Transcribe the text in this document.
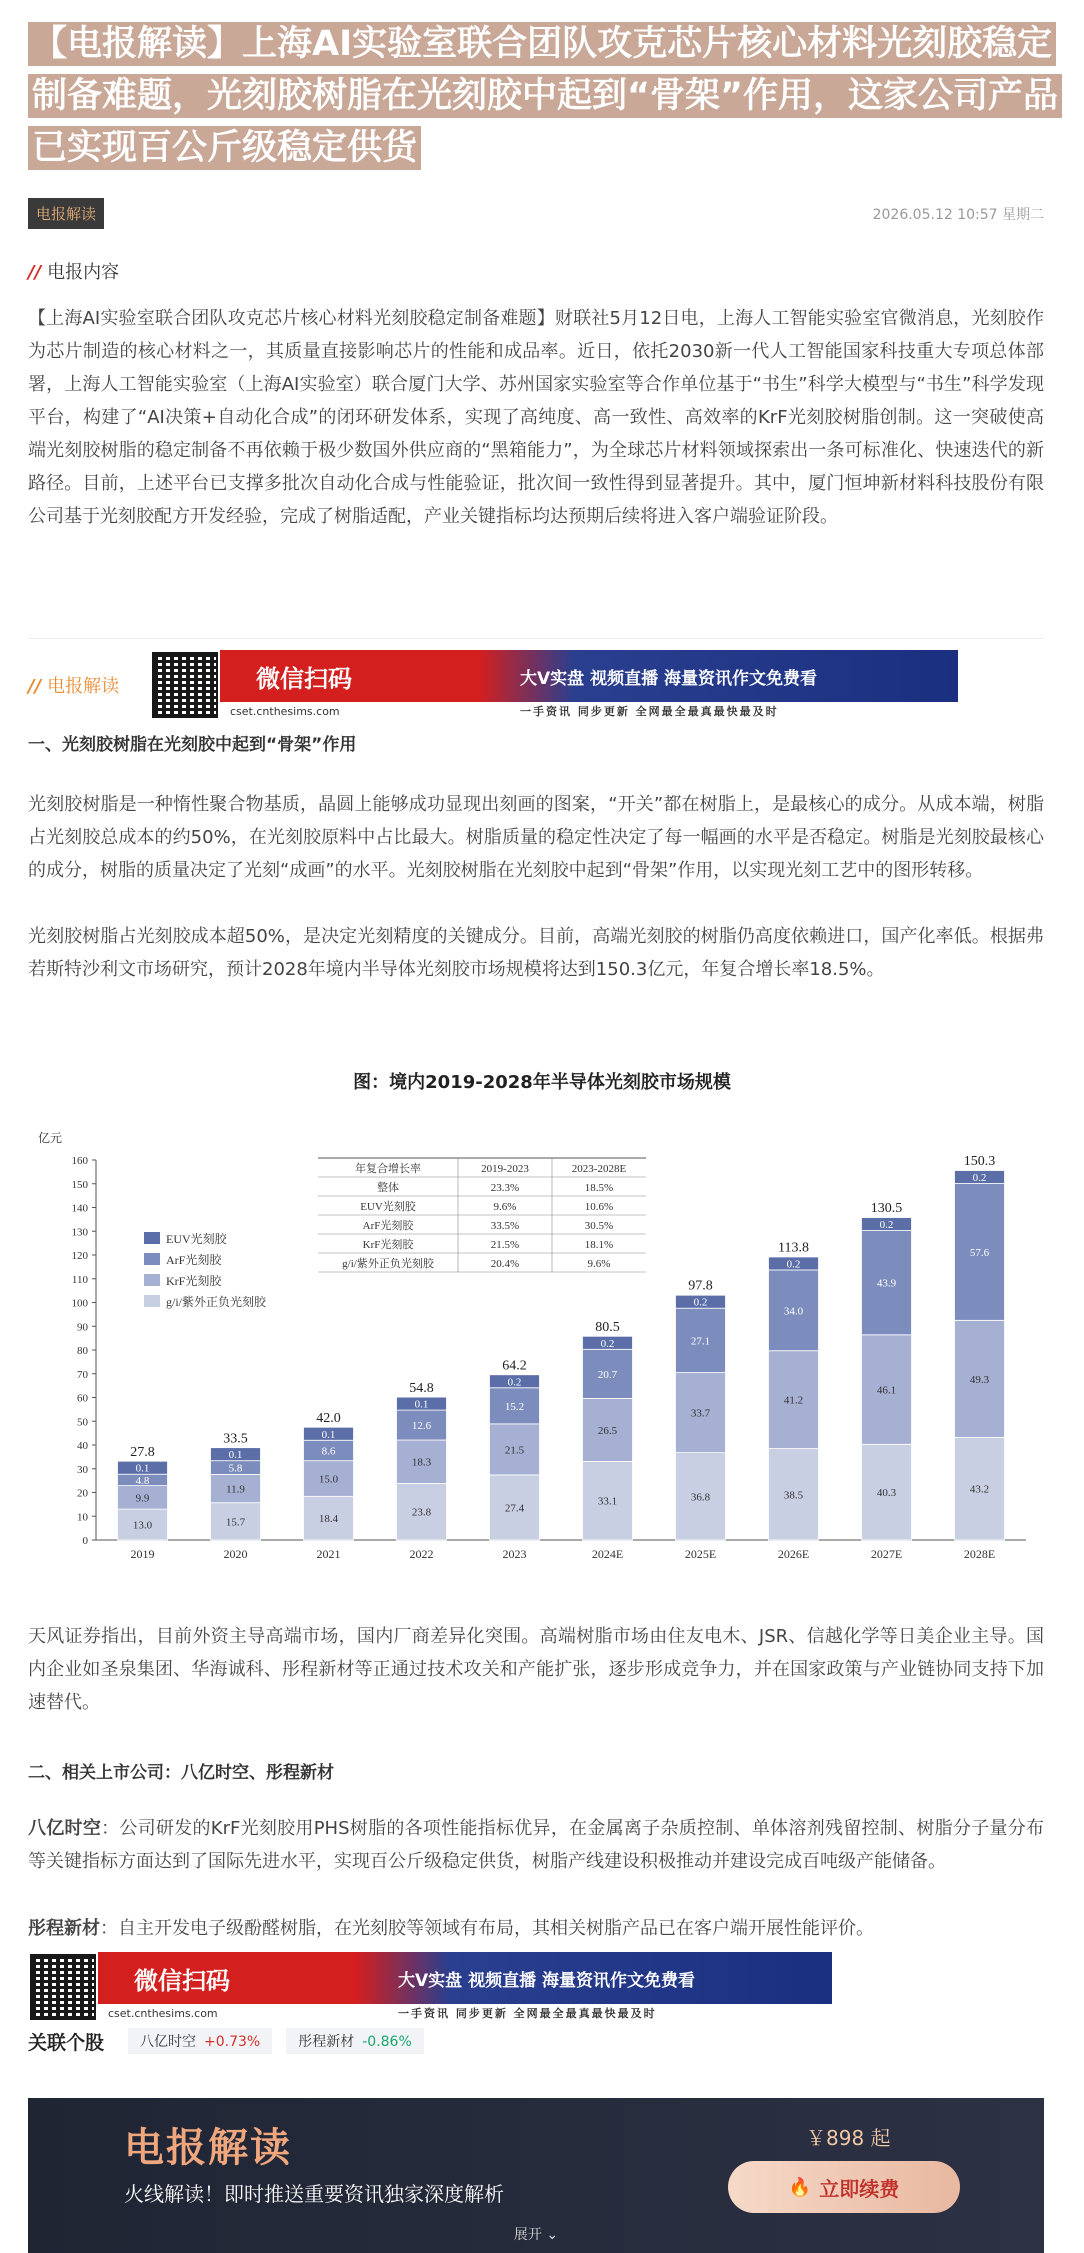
【电报解读】上海AI实验室联合团队攻克芯片核心材料光刻胶稳定制备难题，光刻胶树脂在光刻胶中起到“骨架”作用，这家公司产品已实现百公斤级稳定供货
电报解读	2026.05.12 10:57 星期二
// 电报内容
【上海AI实验室联合团队攻克芯片核心材料光刻胶稳定制备难题】财联社5月12日电，上海人工智能实验室官微消息，光刻胶作为芯片制造的核心材料之一，其质量直接影响芯片的性能和成品率。近日，依托2030新一代人工智能国家科技重大专项总体部署，上海人工智能实验室（上海AI实验室）联合厦门大学、苏州国家实验室等合作单位基于“书生”科学大模型与“书生”科学发现平台，构建了“AI决策+自动化合成”的闭环研发体系，实现了高纯度、高一致性、高效率的KrF光刻胶树脂创制。这一突破使高端光刻胶树脂的稳定制备不再依赖于极少数国外供应商的“黑箱能力”，为全球芯片材料领域探索出一条可标准化、快速迭代的新路径。目前，上述平台已支撑多批次自动化合成与性能验证，批次间一致性得到显著提升。其中，厦门恒坤新材料科技股份有限公司基于光刻胶配方开发经验，完成了树脂适配，产业关键指标均达预期后续将进入客户端验证阶段。
// 电报解读	微信扫码	大V实盘 视频直播 海量资讯作文免费看
cset.cnthesims.com	一手资讯 同步更新 全网最全最真最快最及时
一、光刻胶树脂在光刻胶中起到“骨架”作用
光刻胶树脂是一种惰性聚合物基质，晶圆上能够成功显现出刻画的图案，“开关”都在树脂上，是最核心的成分。从成本端，树脂占光刻胶总成本的约50%，在光刻胶原料中占比最大。树脂质量的稳定性决定了每一幅画的水平是否稳定。树脂是光刻胶最核心的成分，树脂的质量决定了光刻“成画”的水平。光刻胶树脂在光刻胶中起到“骨架”作用，以实现光刻工艺中的图形转移。
光刻胶树脂占光刻胶成本超50%，是决定光刻精度的关键成分。目前，高端光刻胶的树脂仍高度依赖进口，国产化率低。根据弗若斯特沙利文市场研究，预计2028年境内半导体光刻胶市场规模将达到150.3亿元，年复合增长率18.5%。
图：境内2019-2028年半导体光刻胶市场规模
亿元
0
10
20
30
40
50
60
70
80
90
100
110
120
130
140
150
160
13.0
9.9
4.8
0.1
27.8
2019
15.7
11.9
5.8
0.1
33.5
2020
18.4
15.0
8.6
0.1
42.0
2021
23.8
18.3
12.6
0.1
54.8
2022
27.4
21.5
15.2
0.2
64.2
2023
33.1
26.5
20.7
0.2
80.5
2024E
36.8
33.7
27.1
0.2
97.8
2025E
38.5
41.2
34.0
0.2
113.8
2026E
40.3
46.1
43.9
0.2
130.5
2027E
43.2
49.3
57.6
0.2
150.3
2028E
EUV光刻胶
ArF光刻胶
KrF光刻胶
g/i/紫外正负光刻胶
年复合增长率	2019-2023	2023-2028E
整体	23.3%	18.5%
EUV光刻胶	9.6%	10.6%
ArF光刻胶	33.5%	30.5%
KrF光刻胶	21.5%	18.1%
g/i/紫外正负光刻胶	20.4%	9.6%
天风证券指出，目前外资主导高端市场，国内厂商差异化突围。高端树脂市场由住友电木、JSR、信越化学等日美企业主导。国内企业如圣泉集团、华海诚科、彤程新材等正通过技术攻关和产能扩张，逐步形成竞争力，并在国家政策与产业链协同支持下加速替代。
二、相关上市公司：八亿时空、彤程新材
八亿时空：公司研发的KrF光刻胶用PHS树脂的各项性能指标优异，在金属离子杂质控制、单体溶剂残留控制、树脂分子量分布等关键指标方面达到了国际先进水平，实现百公斤级稳定供货，树脂产线建设积极推动并建设完成百吨级产能储备。
彤程新材：自主开发电子级酚醛树脂，在光刻胶等领域有布局，其相关树脂产品已在客户端开展性能评价。
微信扫码	大V实盘 视频直播 海量资讯作文免费看
cset.cnthesims.com	一手资讯 同步更新 全网最全最真最快最及时
关联个股	八亿时空 +0.73%	彤程新材 -0.86%
电报解读
火线解读！即时推送重要资讯独家深度解析
￥898 起
🔥 立即续费
展开 ⌄
